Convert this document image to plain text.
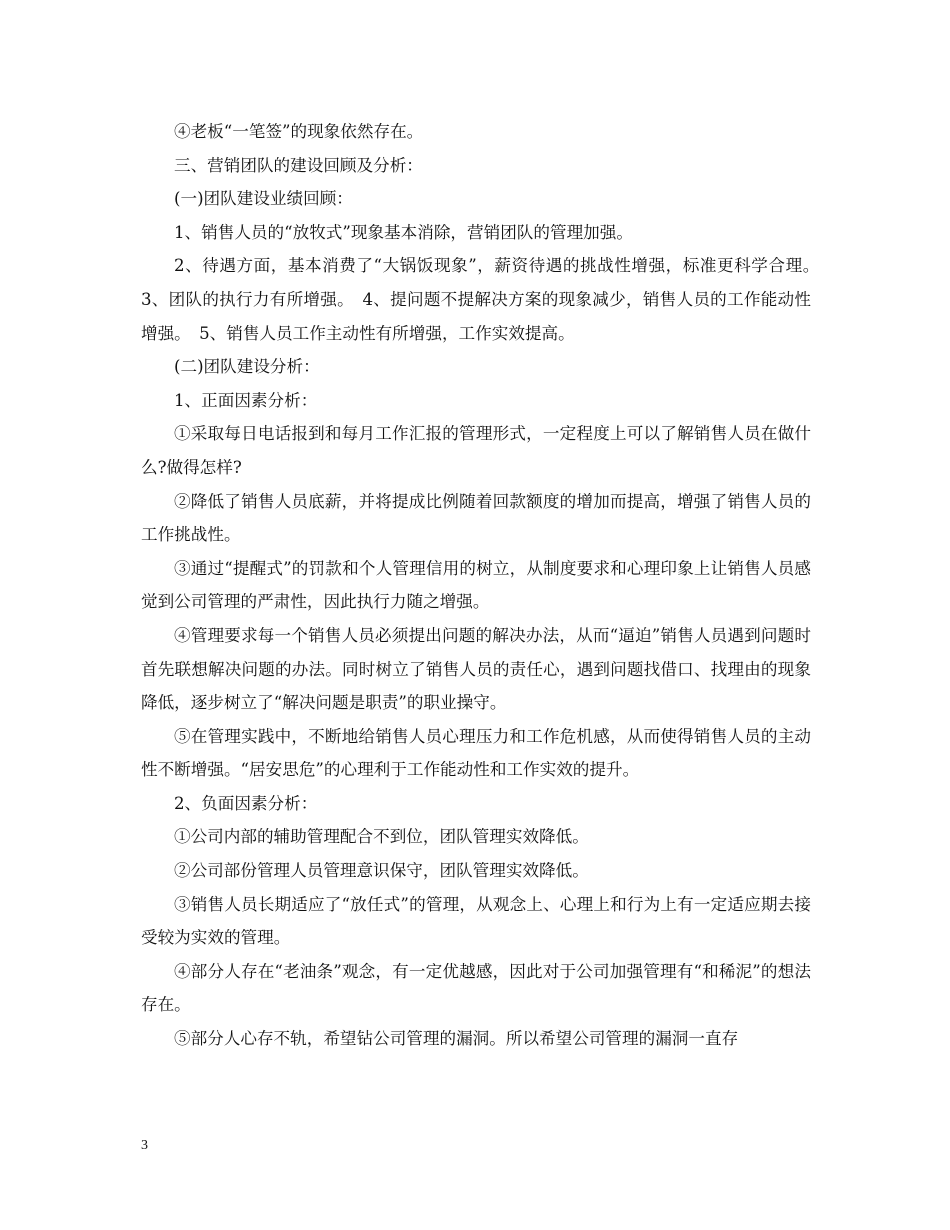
④老板“一笔签”的现象依然存在。

三、营销团队的建设回顾及分析：

(一)团队建设业绩回顾：

1、销售人员的“放牧式”现象基本消除，营销团队的管理加强。

2、待遇方面，基本消费了“大锅饭现象”，薪资待遇的挑战性增强，标准更科学合理。　3、团队的执行力有所增强。　4、提问题不提解决方案的现象减少，销售人员的工作能动性增强。　5、销售人员工作主动性有所增强，工作实效提高。

(二)团队建设分析：

1、正面因素分析：

①采取每日电话报到和每月工作汇报的管理形式，一定程度上可以了解销售人员在做什么?做得怎样?

②降低了销售人员底薪，并将提成比例随着回款额度的增加而提高，增强了销售人员的工作挑战性。

③通过“提醒式”的罚款和个人管理信用的树立，从制度要求和心理印象上让销售人员感觉到公司管理的严肃性，因此执行力随之增强。

④管理要求每一个销售人员必须提出问题的解决办法，从而“逼迫”销售人员遇到问题时首先联想解决问题的办法。同时树立了销售人员的责任心，遇到问题找借口、找理由的现象降低，逐步树立了“解决问题是职责”的职业操守。

⑤在管理实践中，不断地给销售人员心理压力和工作危机感，从而使得销售人员的主动性不断增强。“居安思危”的心理利于工作能动性和工作实效的提升。

2、负面因素分析：

①公司内部的辅助管理配合不到位，团队管理实效降低。

②公司部份管理人员管理意识保守，团队管理实效降低。

③销售人员长期适应了“放任式”的管理，从观念上、心理上和行为上有一定适应期去接受较为实效的管理。

④部分人存在“老油条”观念，有一定优越感，因此对于公司加强管理有“和稀泥”的想法存在。

⑤部分人心存不轨，希望钻公司管理的漏洞。所以希望公司管理的漏洞一直存

3
